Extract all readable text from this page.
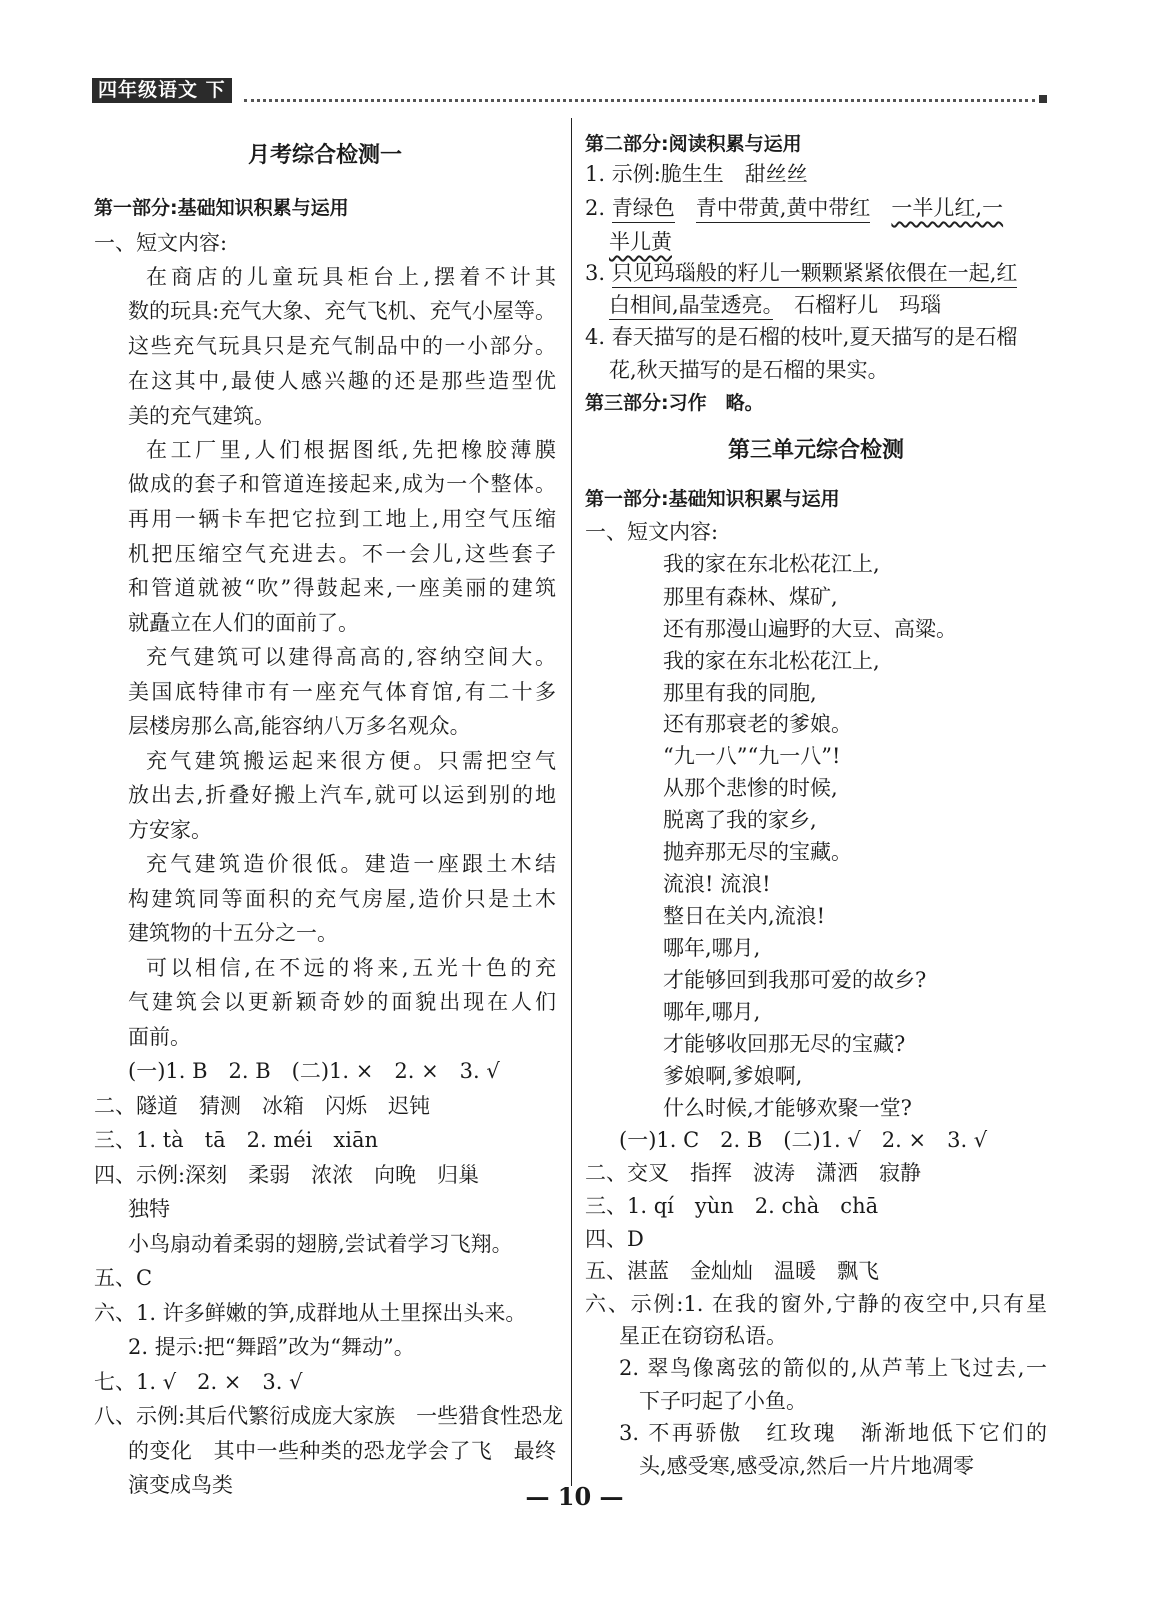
四年级语文 下
月考综合检测一
第一部分:基础知识积累与运用
一、短文内容:
在商店的儿童玩具柜台上,摆着不计其
数的玩具:充气大象、充气飞机、充气小屋等。
这些充气玩具只是充气制品中的一小部分。
在这其中,最使人感兴趣的还是那些造型优
美的充气建筑。
在工厂里,人们根据图纸,先把橡胶薄膜
做成的套子和管道连接起来,成为一个整体。
再用一辆卡车把它拉到工地上,用空气压缩
机把压缩空气充进去。不一会儿,这些套子
和管道就被“吹”得鼓起来,一座美丽的建筑
就矗立在人们的面前了。
充气建筑可以建得高高的,容纳空间大。
美国底特律市有一座充气体育馆,有二十多
层楼房那么高,能容纳八万多名观众。
充气建筑搬运起来很方便。只需把空气
放出去,折叠好搬上汽车,就可以运到别的地
方安家。
充气建筑造价很低。建造一座跟土木结
构建筑同等面积的充气房屋,造价只是土木
建筑物的十五分之一。
可以相信,在不远的将来,五光十色的充
气建筑会以更新颖奇妙的面貌出现在人们
面前。
(一)1. B　2. B　(二)1. ×　2. ×　3. √
二、隧道　猜测　冰箱　闪烁　迟钝
三、1. tà　tā　2. méi　xiān
四、示例:深刻　柔弱　浓浓　向晚　归巢
独特
小鸟扇动着柔弱的翅膀,尝试着学习飞翔。
五、C
六、1. 许多鲜嫩的笋,成群地从土里探出头来。
2. 提示:把“舞蹈”改为“舞动”。
七、1. √　2. ×　3. √
八、示例:其后代繁衍成庞大家族　一些猎食性恐龙
的变化　其中一些种类的恐龙学会了飞　最终
演变成鸟类
第二部分:阅读积累与运用
1. 示例:脆生生　甜丝丝
2. 青绿色　 青中带黄,黄中带红　 一半儿红,一
半儿黄
3. 只见玛瑙般的籽儿一颗颗紧紧依偎在一起,红
白相间,晶莹透亮。　石榴籽儿　玛瑙
4. 春天描写的是石榴的枝叶,夏天描写的是石榴
花,秋天描写的是石榴的果实。
第三部分:习作　略。
第三单元综合检测
第一部分:基础知识积累与运用
一、短文内容:
我的家在东北松花江上,
那里有森林、煤矿,
还有那漫山遍野的大豆、高粱。
我的家在东北松花江上,
那里有我的同胞,
还有那衰老的爹娘。
“九一八”“九一八”!
从那个悲惨的时候,
脱离了我的家乡,
抛弃那无尽的宝藏。
流浪! 流浪!
整日在关内,流浪!
哪年,哪月,
才能够回到我那可爱的故乡?
哪年,哪月,
才能够收回那无尽的宝藏?
爹娘啊,爹娘啊,
什么时候,才能够欢聚一堂?
(一)1. C　2. B　(二)1. √　2. ×　3. √
二、交叉　指挥　波涛　潇洒　寂静
三、1. qí　yùn　2. chà　chā
四、D
五、湛蓝　金灿灿　温暖　飘飞
六、示例:1. 在我的窗外,宁静的夜空中,只有星
星正在窃窃私语。
2. 翠鸟像离弦的箭似的,从芦苇上飞过去,一
下子叼起了小鱼。
3. 不再骄傲　红玫瑰　渐渐地低下它们的
头,感受寒,感受凉,然后一片片地凋零
— 10 —
